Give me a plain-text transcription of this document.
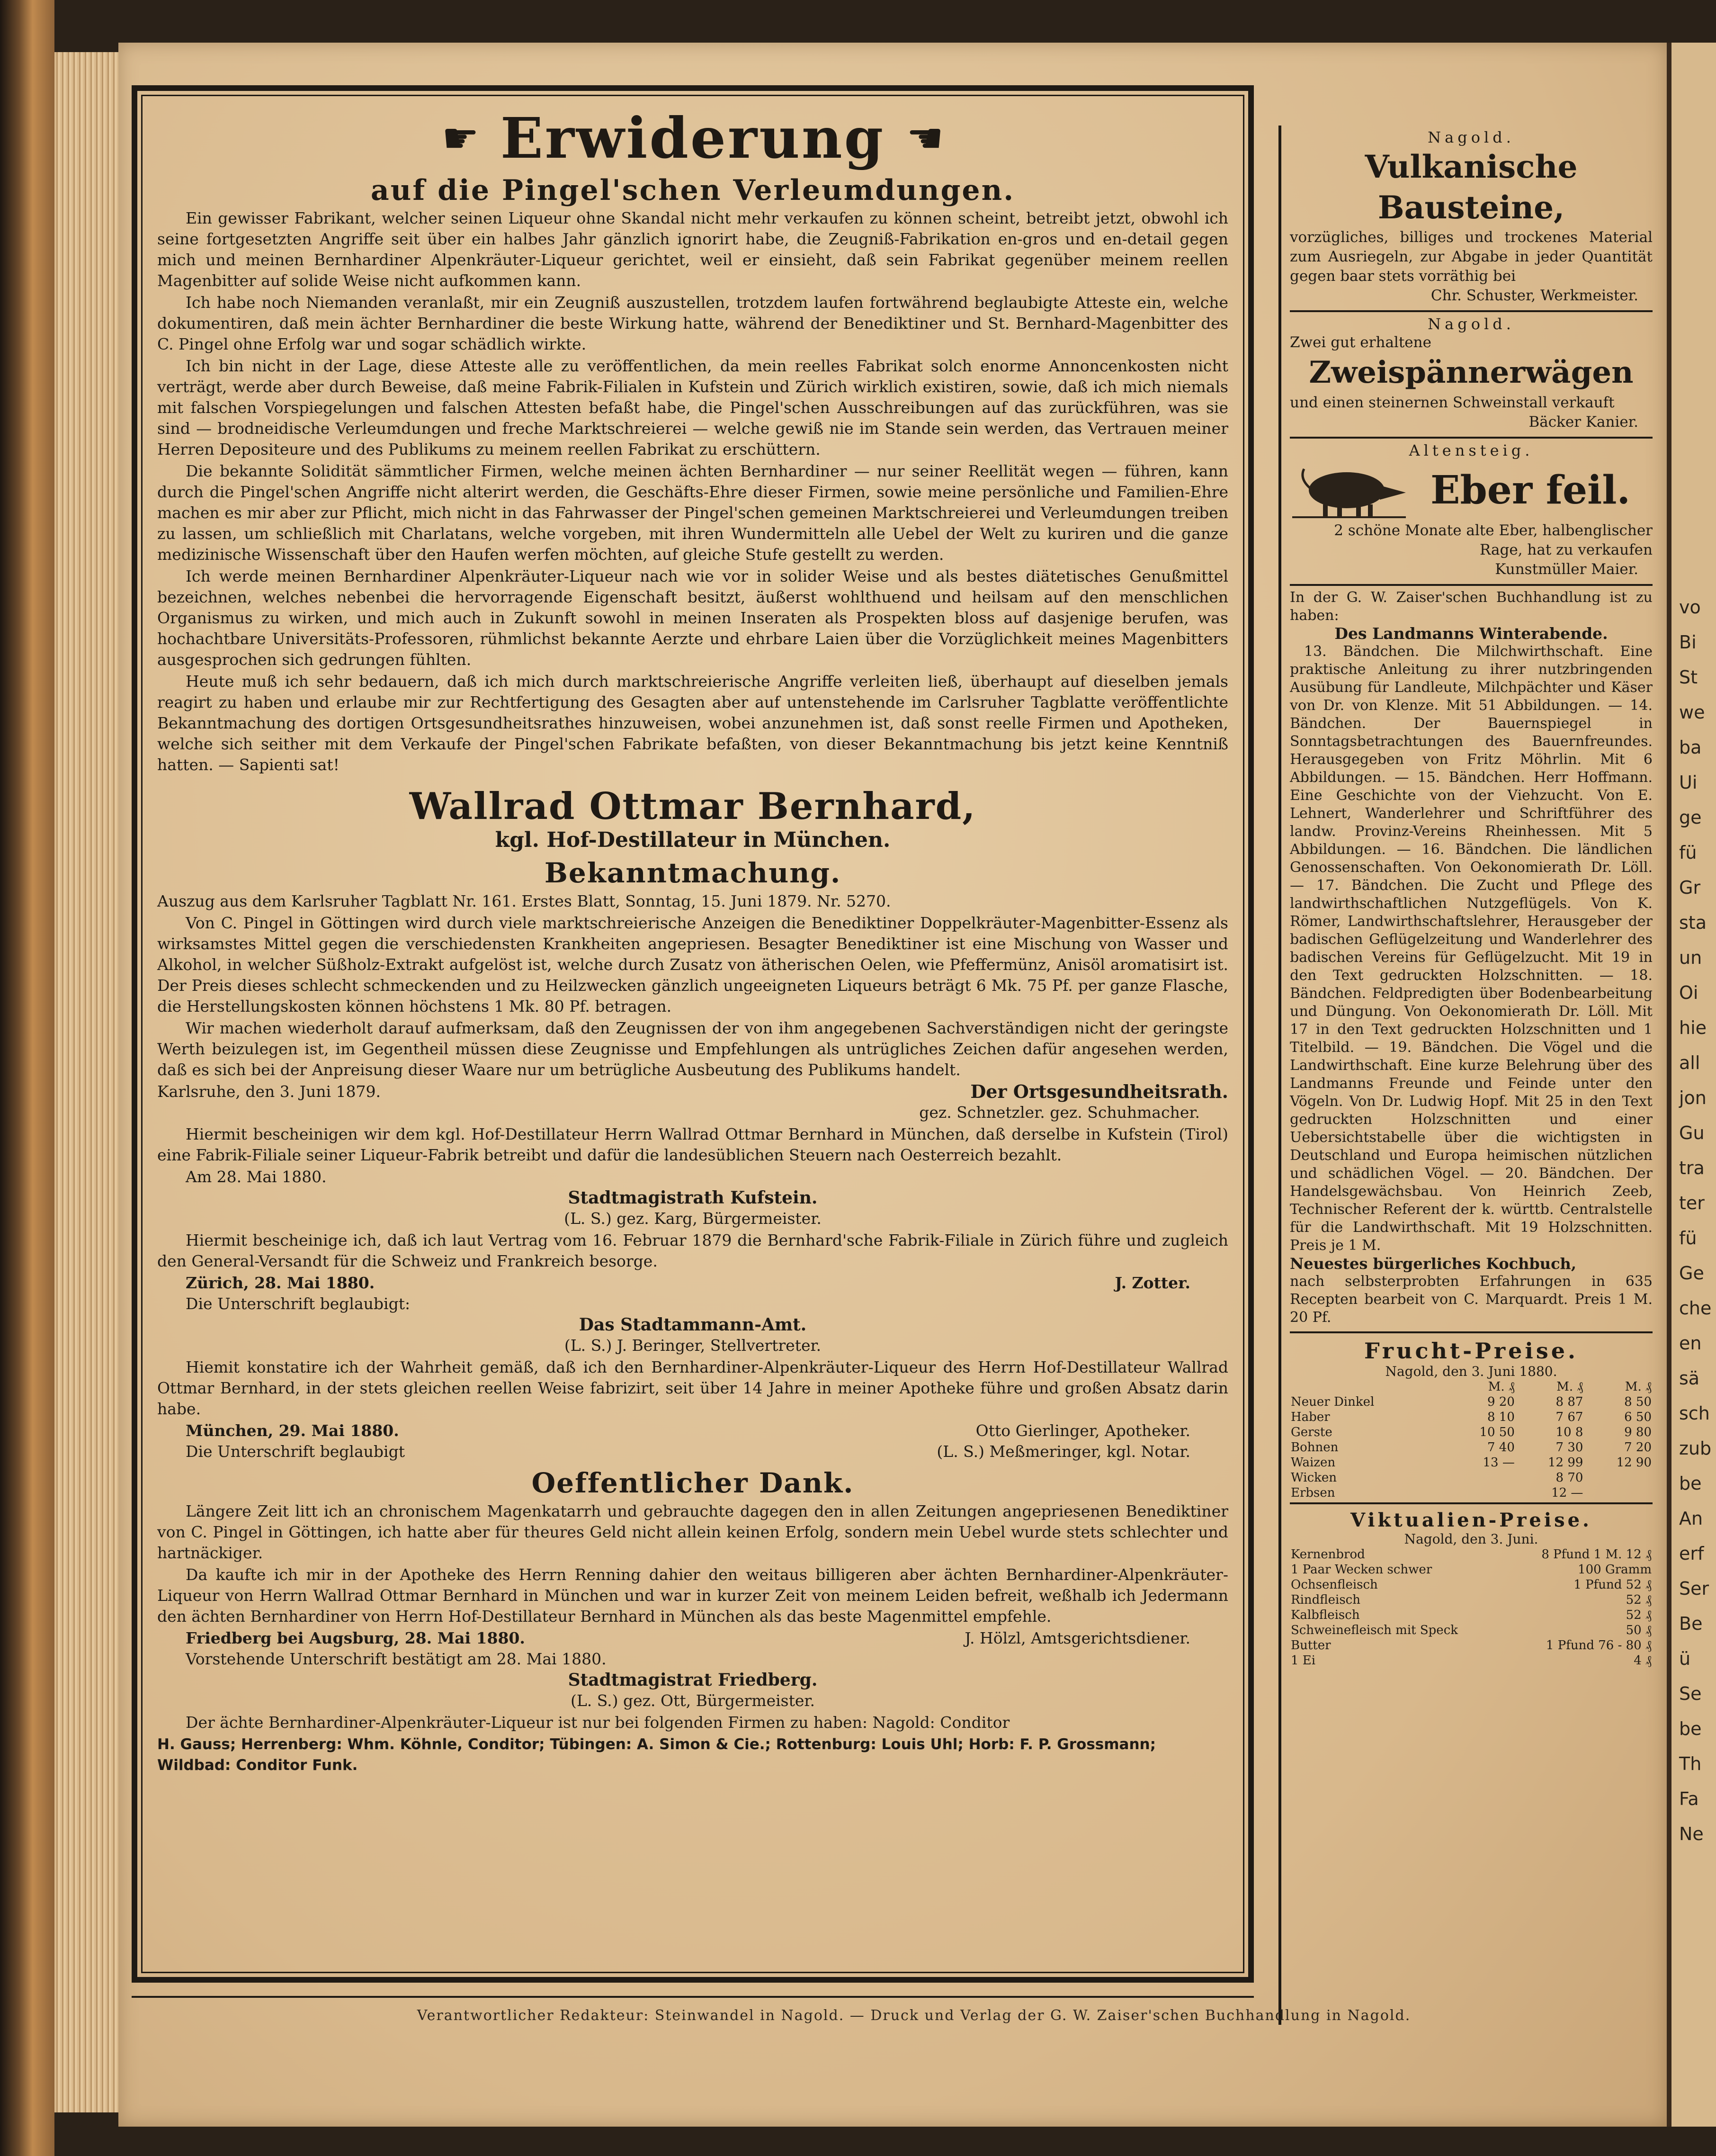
vo
Bi
St
we
ba
Ui
ge
fü
Gr
sta
un
Oi
hie
all
jon
Gu
tra
ter
fü
Ge
che
en
sä
sch
zub
be
An
erf
Ser
Be
ü
Se
be
Th
Fa
Ne
☛ Erwiderung ☚
auf die Pingel'schen Verleumdungen.
Ein gewisser Fabrikant, welcher seinen Liqueur ohne Skandal nicht mehr verkaufen zu können scheint, betreibt jetzt, obwohl ich seine fortgesetzten Angriffe seit über ein halbes Jahr gänzlich ignorirt habe, die Zeugniß-Fabrikation en-gros und en-detail gegen mich und meinen Bernhardiner Alpenkräuter-Liqueur gerichtet, weil er einsieht, daß sein Fabrikat gegenüber meinem reellen Magenbitter auf solide Weise nicht aufkommen kann.
Ich habe noch Niemanden veranlaßt, mir ein Zeugniß auszustellen, trotzdem laufen fortwährend beglaubigte Atteste ein, welche dokumentiren, daß mein ächter Bernhardiner die beste Wirkung hatte, während der Benediktiner und St. Bernhard-Magenbitter des C. Pingel ohne Erfolg war und sogar schädlich wirkte.
Ich bin nicht in der Lage, diese Atteste alle zu veröffentlichen, da mein reelles Fabrikat solch enorme Annoncenkosten nicht verträgt, werde aber durch Beweise, daß meine Fabrik-Filialen in Kufstein und Zürich wirklich existiren, sowie, daß ich mich niemals mit falschen Vorspiegelungen und falschen Attesten befaßt habe, die Pingel'schen Ausschreibungen auf das zurückführen, was sie sind — brodneidische Verleumdungen und freche Marktschreierei — welche gewiß nie im Stande sein werden, das Vertrauen meiner Herren Depositeure und des Publikums zu meinem reellen Fabrikat zu erschüttern.
Die bekannte Solidität sämmtlicher Firmen, welche meinen ächten Bernhardiner — nur seiner Reellität wegen — führen, kann durch die Pingel'schen Angriffe nicht alterirt werden, die Geschäfts-Ehre dieser Firmen, sowie meine persönliche und Familien-Ehre machen es mir aber zur Pflicht, mich nicht in das Fahrwasser der Pingel'schen gemeinen Marktschreierei und Verleumdungen treiben zu lassen, um schließlich mit Charlatans, welche vorgeben, mit ihren Wundermitteln alle Uebel der Welt zu kuriren und die ganze medizinische Wissenschaft über den Haufen werfen möchten, auf gleiche Stufe gestellt zu werden.
Ich werde meinen Bernhardiner Alpenkräuter-Liqueur nach wie vor in solider Weise und als bestes diätetisches Genußmittel bezeichnen, welches nebenbei die hervorragende Eigenschaft besitzt, äußerst wohlthuend und heilsam auf den menschlichen Organismus zu wirken, und mich auch in Zukunft sowohl in meinen Inseraten als Prospekten bloss auf dasjenige berufen, was hochachtbare Universitäts-Professoren, rühmlichst bekannte Aerzte und ehrbare Laien über die Vorzüglichkeit meines Magenbitters ausgesprochen sich gedrungen fühlten.
Heute muß ich sehr bedauern, daß ich mich durch marktschreierische Angriffe verleiten ließ, überhaupt auf dieselben jemals reagirt zu haben und erlaube mir zur Rechtfertigung des Gesagten aber auf untenstehende im Carlsruher Tagblatte veröffentlichte Bekanntmachung des dortigen Ortsgesundheitsrathes hinzuweisen, wobei anzunehmen ist, daß sonst reelle Firmen und Apotheken, welche sich seither mit dem Verkaufe der Pingel'schen Fabrikate befaßten, von dieser Bekanntmachung bis jetzt keine Kenntniß hatten. — Sapienti sat!
Wallrad Ottmar Bernhard,
kgl. Hof-Destillateur in München.
Bekanntmachung.
Auszug aus dem Karlsruher Tagblatt Nr. 161. Erstes Blatt, Sonntag, 15. Juni 1879. Nr. 5270.
Von C. Pingel in Göttingen wird durch viele marktschreierische Anzeigen die Benediktiner Doppelkräuter-Magenbitter-Essenz als wirksamstes Mittel gegen die verschiedensten Krankheiten angepriesen. Besagter Benediktiner ist eine Mischung von Wasser und Alkohol, in welcher Süßholz-Extrakt aufgelöst ist, welche durch Zusatz von ätherischen Oelen, wie Pfeffermünz, Anisöl aromatisirt ist. Der Preis dieses schlecht schmeckenden und zu Heilzwecken gänzlich ungeeigneten Liqueurs beträgt 6 Mk. 75 Pf. per ganze Flasche, die Herstellungskosten können höchstens 1 Mk. 80 Pf. betragen.
Wir machen wiederholt darauf aufmerksam, daß den Zeugnissen der von ihm angegebenen Sachverständigen nicht der geringste Werth beizulegen ist, im Gegentheil müssen diese Zeugnisse und Empfehlungen als untrügliches Zeichen dafür angesehen werden, daß es sich bei der Anpreisung dieser Waare nur um betrügliche Ausbeutung des Publikums handelt.
Karlsruhe, den 3. Juni 1879.	Der Ortsgesundheitsrath.
gez. Schnetzler. gez. Schuhmacher.
Hiermit bescheinigen wir dem kgl. Hof-Destillateur Herrn Wallrad Ottmar Bernhard in München, daß derselbe in Kufstein (Tirol) eine Fabrik-Filiale seiner Liqueur-Fabrik betreibt und dafür die landesüblichen Steuern nach Oesterreich bezahlt.
Am 28. Mai 1880.
Stadtmagistrath Kufstein.
(L. S.) gez. Karg, Bürgermeister.
Hiermit bescheinige ich, daß ich laut Vertrag vom 16. Februar 1879 die Bernhard'sche Fabrik-Filiale in Zürich führe und zugleich den General-Versandt für die Schweiz und Frankreich besorge.
Zürich, 28. Mai 1880.	J. Zotter.
Die Unterschrift beglaubigt:
Das Stadtammann-Amt.
(L. S.) J. Beringer, Stellvertreter.
Hiemit konstatire ich der Wahrheit gemäß, daß ich den Bernhardiner-Alpenkräuter-Liqueur des Herrn Hof-Destillateur Wallrad Ottmar Bernhard, in der stets gleichen reellen Weise fabrizirt, seit über 14 Jahre in meiner Apotheke führe und großen Absatz darin habe.
München, 29. Mai 1880.	Otto Gierlinger, Apotheker.
Die Unterschrift beglaubigt	(L. S.) Meßmeringer, kgl. Notar.
Oeffentlicher Dank.
Längere Zeit litt ich an chronischem Magenkatarrh und gebrauchte dagegen den in allen Zeitungen angepriesenen Benediktiner von C. Pingel in Göttingen, ich hatte aber für theures Geld nicht allein keinen Erfolg, sondern mein Uebel wurde stets schlechter und hartnäckiger.
Da kaufte ich mir in der Apotheke des Herrn Renning dahier den weitaus billigeren aber ächten Bernhardiner-Alpenkräuter-Liqueur von Herrn Wallrad Ottmar Bernhard in München und war in kurzer Zeit von meinem Leiden befreit, weßhalb ich Jedermann den ächten Bernhardiner von Herrn Hof-Destillateur Bernhard in München als das beste Magenmittel empfehle.
Friedberg bei Augsburg, 28. Mai 1880.	J. Hölzl, Amtsgerichtsdiener.
Vorstehende Unterschrift bestätigt am 28. Mai 1880.
Stadtmagistrat Friedberg.
(L. S.) gez. Ott, Bürgermeister.
Der ächte Bernhardiner-Alpenkräuter-Liqueur ist nur bei folgenden Firmen zu haben: Nagold: Conditor
H. Gauss; Herrenberg: Whm. Köhnle, Conditor; Tübingen: A. Simon & Cie.; Rottenburg: Louis Uhl; Horb: F. P. Grossmann; Wildbad: Conditor Funk.
Nagold.
Vulkanische Bausteine,
vorzügliches, billiges und trockenes Material zum Ausriegeln, zur Abgabe in jeder Quantität gegen baar stets vorräthig bei
Chr. Schuster, Werkmeister.
Nagold.
Zwei gut erhaltene
Zweispännerwägen
und einen steinernen Schweinstall verkauft
Bäcker Kanier.
Altensteig.
Eber feil.
2 schöne Monate alte Eber, halbenglischer Rage, hat zu verkaufen
Kunstmüller Maier.
In der G. W. Zaiser'schen Buchhandlung ist zu haben:
Des Landmanns Winterabende.
13. Bändchen. Die Milchwirthschaft. Eine praktische Anleitung zu ihrer nutzbringenden Ausübung für Landleute, Milchpächter und Käser von Dr. von Klenze. Mit 51 Abbildungen. — 14. Bändchen. Der Bauernspiegel in Sonntagsbetrachtungen des Bauernfreundes. Herausgegeben von Fritz Möhrlin. Mit 6 Abbildungen. — 15. Bändchen. Herr Hoffmann. Eine Geschichte von der Viehzucht. Von E. Lehnert, Wanderlehrer und Schriftführer des landw. Provinz-Vereins Rheinhessen. Mit 5 Abbildungen. — 16. Bändchen. Die ländlichen Genossenschaften. Von Oekonomierath Dr. Löll. — 17. Bändchen. Die Zucht und Pflege des landwirthschaftlichen Nutzgeflügels. Von K. Römer, Landwirthschaftslehrer, Herausgeber der badischen Geflügelzeitung und Wanderlehrer des badischen Vereins für Geflügelzucht. Mit 19 in den Text gedruckten Holzschnitten. — 18. Bändchen. Feldpredigten über Bodenbearbeitung und Düngung. Von Oekonomierath Dr. Löll. Mit 17 in den Text gedruckten Holzschnitten und 1 Titelbild. — 19. Bändchen. Die Vögel und die Landwirthschaft. Eine kurze Belehrung über des Landmanns Freunde und Feinde unter den Vögeln. Von Dr. Ludwig Hopf. Mit 25 in den Text gedruckten Holzschnitten und einer Uebersichtstabelle über die wichtigsten in Deutschland und Europa heimischen nützlichen und schädlichen Vögel. — 20. Bändchen. Der Handelsgewächsbau. Von Heinrich Zeeb, Technischer Referent der k. württb. Centralstelle für die Landwirthschaft. Mit 19 Holzschnitten. Preis je 1 M.
Neuestes bürgerliches Kochbuch,
nach selbsterprobten Erfahrungen in 635 Recepten bearbeit von C. Marquardt. Preis 1 M. 20 Pf.
Frucht-Preise.
Nagold, den 3. Juni 1880.
	M. ₰	M. ₰	M. ₰
Neuer Dinkel	9 20	8 87	8 50
Haber	8 10	7 67	6 50
Gerste	10 50	10 8	9 80
Bohnen	7 40	7 30	7 20
Waizen	13 —	12 99	12 90
Wicken		8 70	
Erbsen		12 —	
Viktualien-Preise.
Nagold, den 3. Juni.
Kernenbrod	8 Pfund 1 M. 12 ₰
1 Paar Wecken schwer	100 Gramm
Ochsenfleisch	1 Pfund 52 ₰
Rindfleisch	52 ₰
Kalbfleisch	52 ₰
Schweinefleisch mit Speck	50 ₰
Butter	1 Pfund 76 - 80 ₰
1 Ei	4 ₰
Verantwortlicher Redakteur: Steinwandel in Nagold. — Druck und Verlag der G. W. Zaiser'schen Buchhandlung in Nagold.
